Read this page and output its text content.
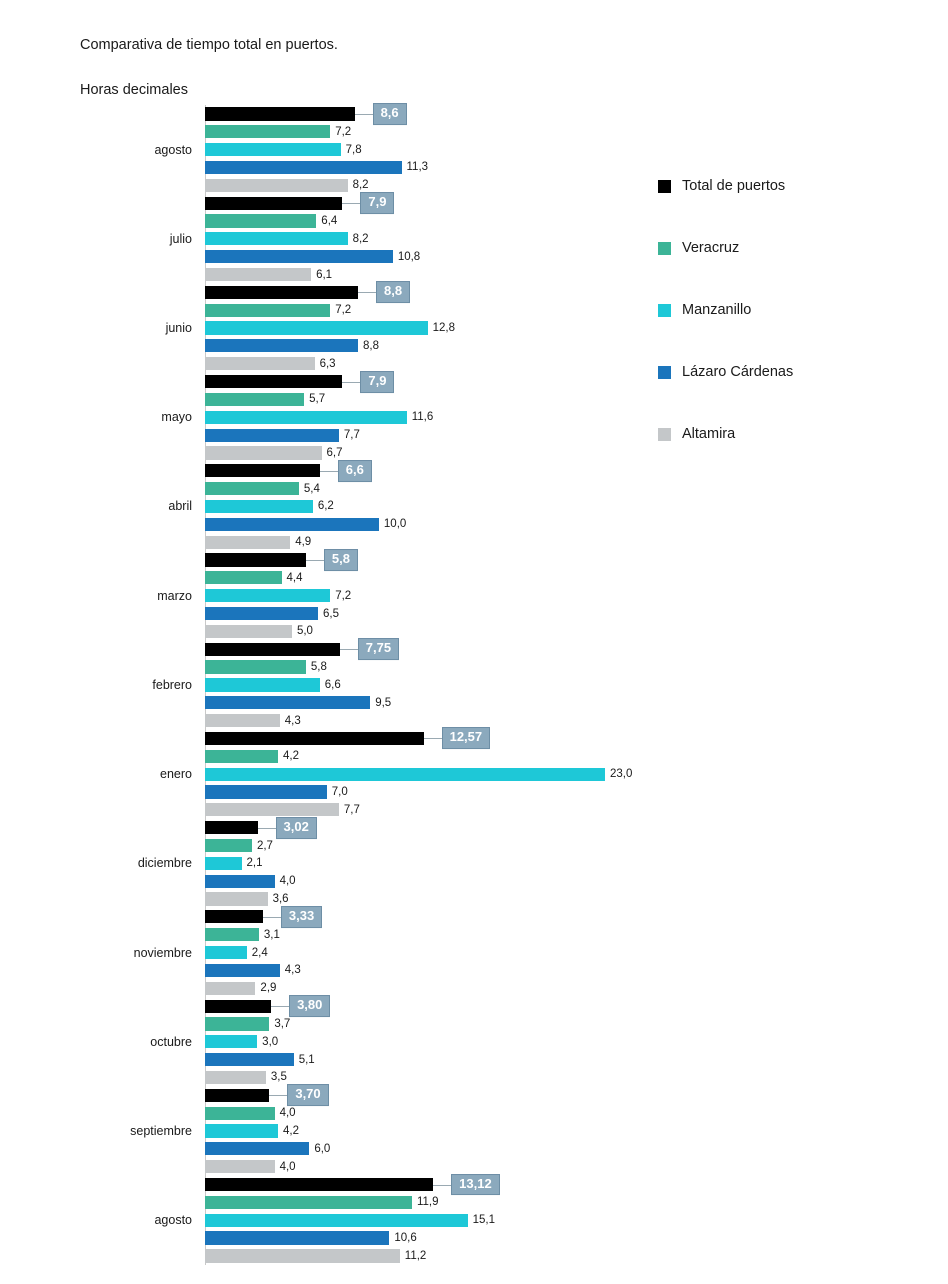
Comparativa de tiempo total en puertos.

Horas decimales

agosto
8,6
7,2
7,8
11,3
8,2
julio
7,9
6,4
8,2
10,8
6,1
junio
8,8
7,2
12,8
8,8
6,3
mayo
7,9
5,7
11,6
7,7
6,7
abril
6,6
5,4
6,2
10,0
4,9
marzo
5,8
4,4
7,2
6,5
5,0
febrero
7,75
5,8
6,6
9,5
4,3
enero
12,57
4,2
23,0
7,0
7,7
diciembre
3,02
2,7
2,1
4,0
3,6
noviembre
3,33
3,1
2,4
4,3
2,9
octubre
3,80
3,7
3,0
5,1
3,5
septiembre
3,70
4,0
4,2
6,0
4,0
agosto
13,12
11,9
15,1
10,6
11,2
Total de puertos
Veracruz
Manzanillo
Lázaro Cárdenas
Altamira
